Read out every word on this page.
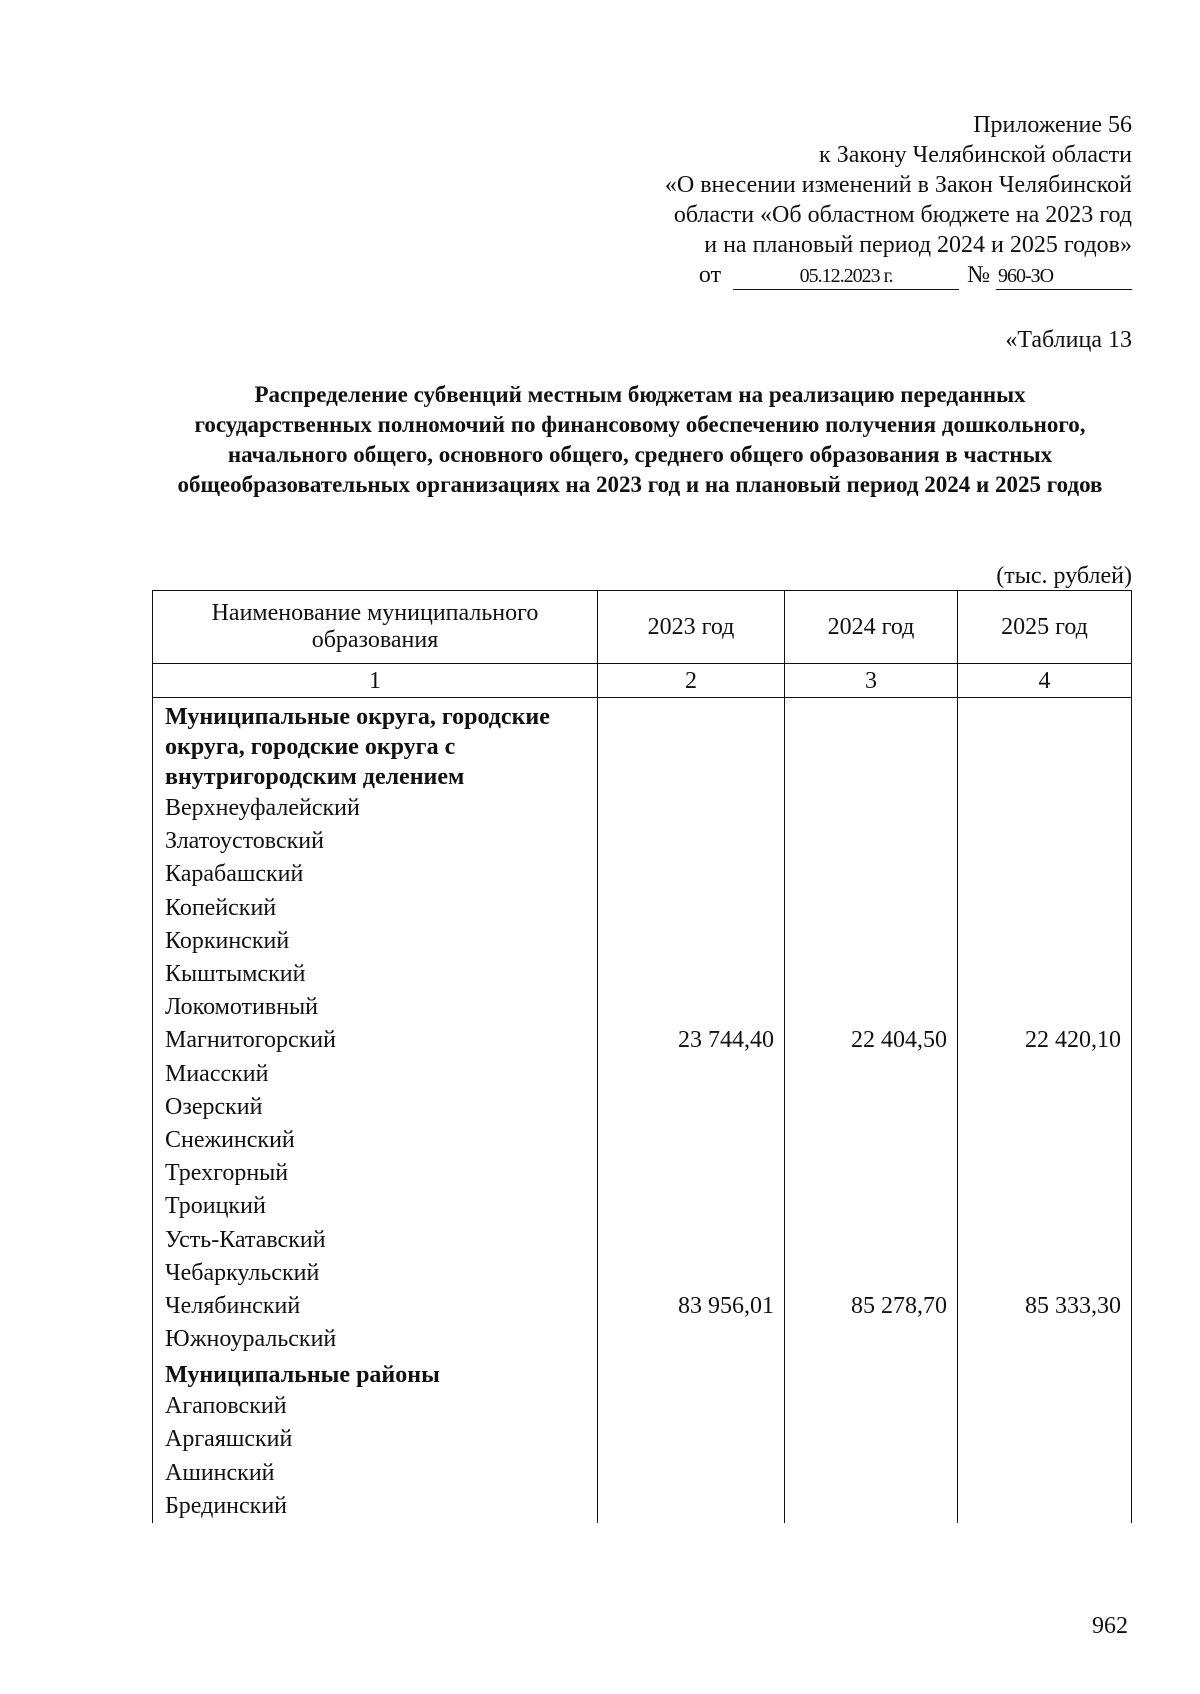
Приложение 56
к Закону Челябинской области
«О внесении изменений в Закон Челябинской
области «Об областном бюджете на 2023 год
и на плановый период 2024 и 2025 годов»
от	05.12.2023 г.	№ 960-ЗО
«Таблица 13
Распределение субвенций местным бюджетам на реализацию переданных государственных полномочий по финансовому обеспечению получения дошкольного, начального общего, основного общего, среднего общего образования в частных общеобразовательных организациях на 2023 год и на плановый период 2024 и 2025 годов
(тыс. рублей)
Наименование муниципального образования	2023 год	2024 год	2025 год
1	2	3	4
Муниципальные округа, городские округа, городские округа с внутригородским делением			
Верхнеуфалейский			
Златоустовский			
Карабашский			
Копейский			
Коркинский			
Кыштымский			
Локомотивный			
Магнитогорский	23 744,40	22 404,50	22 420,10
Миасский			
Озерский			
Снежинский			
Трехгорный			
Троицкий			
Усть-Катавский			
Чебаркульский			
Челябинский	83 956,01	85 278,70	85 333,30
Южноуральский			
Муниципальные районы			
Агаповский			
Аргаяшский			
Ашинский			
Брединский			
962
